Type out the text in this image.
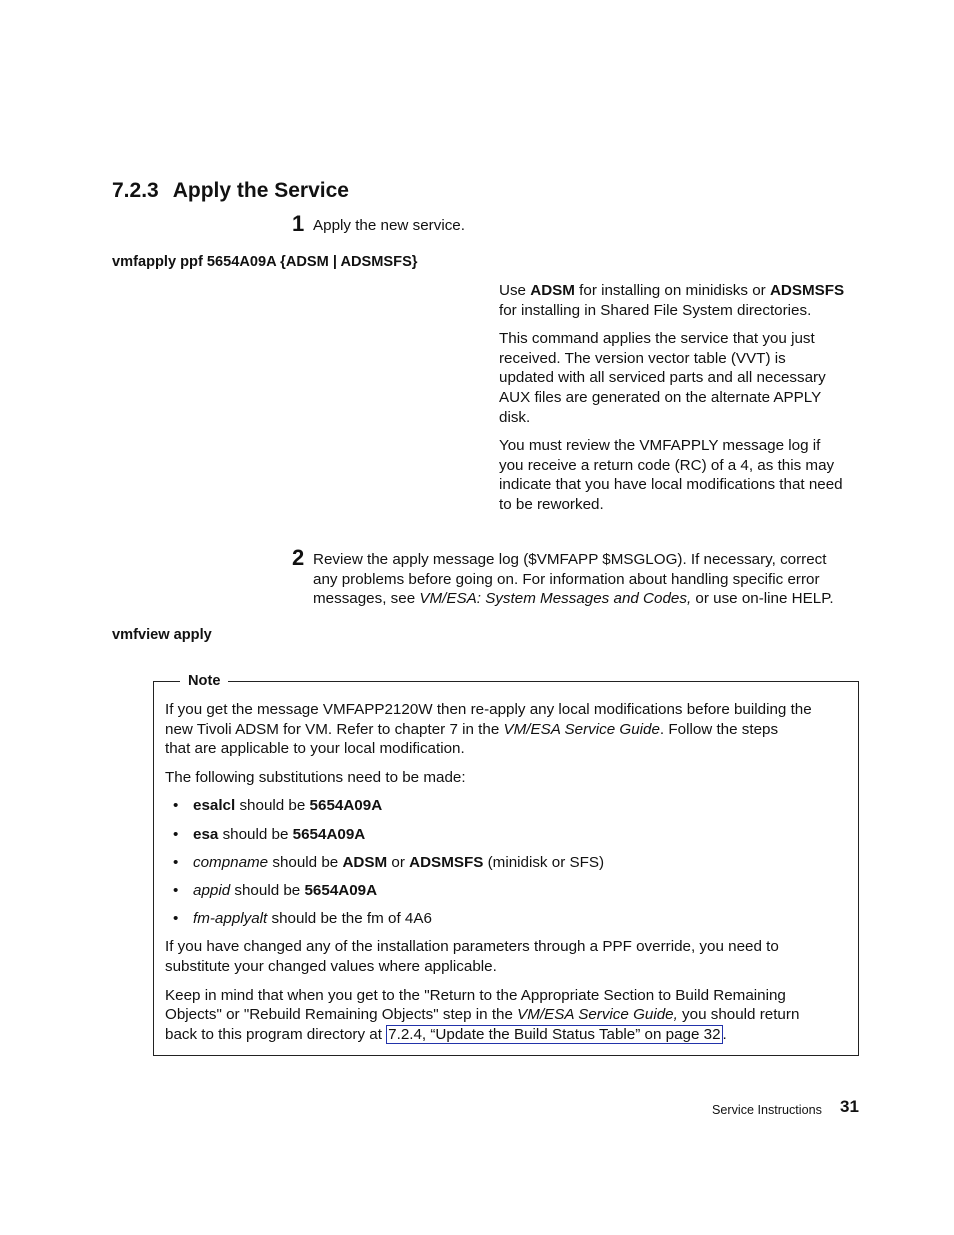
7.2.3 Apply the Service
1 Apply the new service.
vmfapply ppf 5654A09A {ADSM | ADSMSFS}

Use ADSM for installing on minidisks or ADSMSFS
for installing in Shared File System directories.

This command applies the service that you just
received. The version vector table (VVT) is
updated with all serviced parts and all necessary
AUX files are generated on the alternate APPLY
disk.

You must review the VMFAPPLY message log if
you receive a return code (RC) of a 4, as this may
indicate that you have local modifications that need
to be reworked.

2 Review the apply message log ($VMFAPP $MSGLOG). If necessary, correct
any problems before going on. For information about handling specific error
messages, see VM/ESA: System Messages and Codes, or use on-line HELP.
vmfview apply
Note

If you get the message VMFAPP2120W then re-apply any local modifications before building the
new Tivoli ADSM for VM. Refer to chapter 7 in the VM/ESA Service Guide. Follow the steps
that are applicable to your local modification.

The following substitutions need to be made:

• esalcl should be 5654A09A
• esa should be 5654A09A
• compname should be ADSM or ADSMSFS (minidisk or SFS)
• appid should be 5654A09A
• fm-applyalt should be the fm of 4A6

If you have changed any of the installation parameters through a PPF override, you need to
substitute your changed values where applicable.

Keep in mind that when you get to the "Return to the Appropriate Section to Build Remaining
Objects" or "Rebuild Remaining Objects" step in the VM/ESA Service Guide, you should return
back to this program directory at 7.2.4, “Update the Build Status Table” on page 32 .

Service Instructions 31
